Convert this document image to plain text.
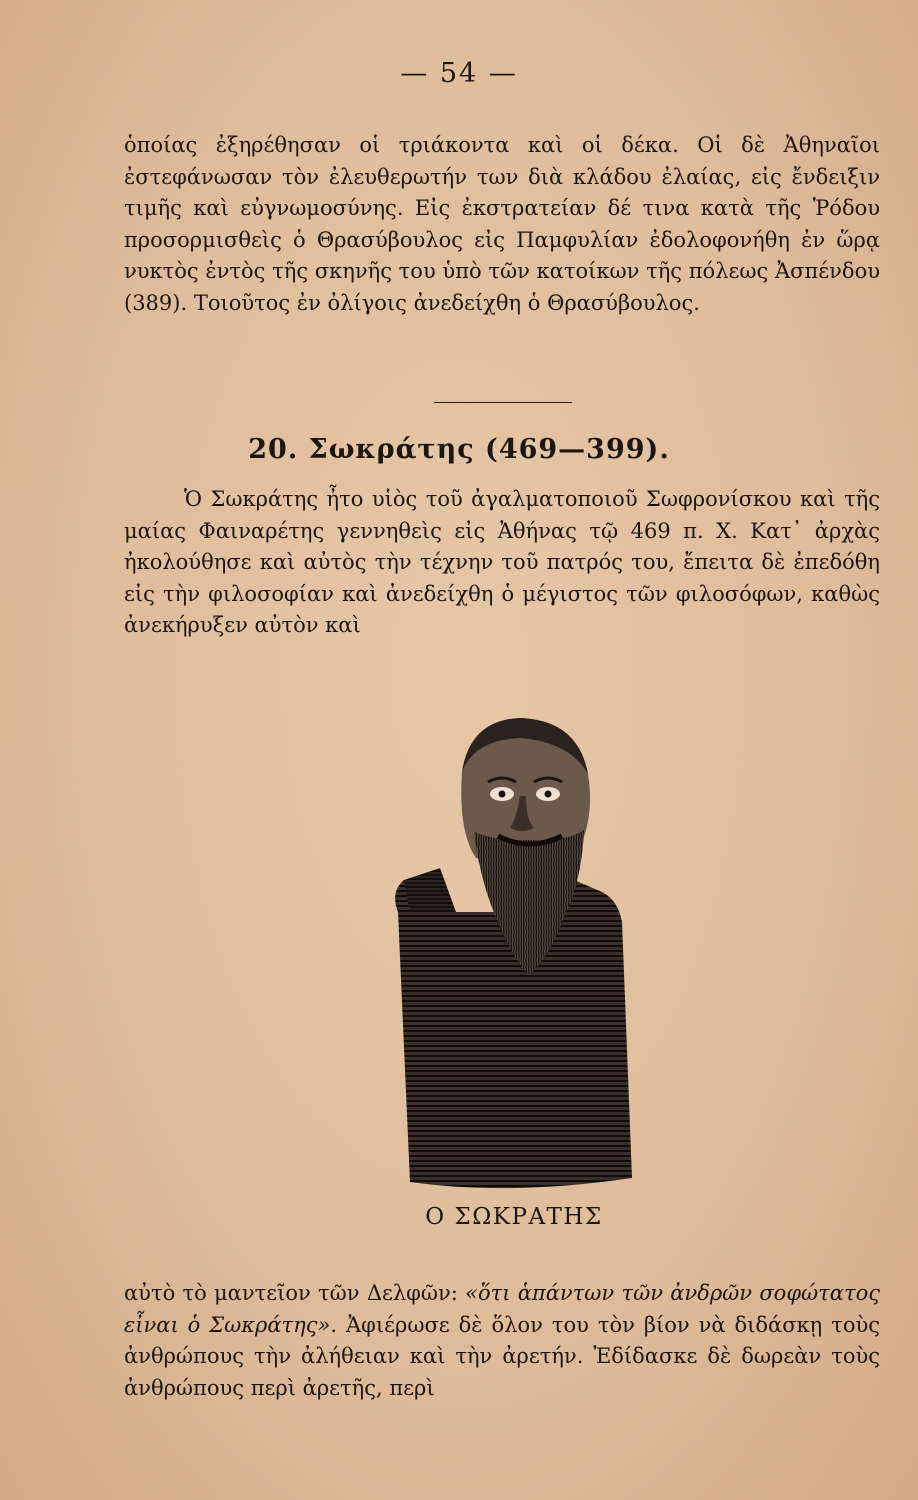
— 54 —
ὁποίας ἐξηρέθησαν οἱ τριάκοντα καὶ οἱ δέκα. Οἱ δὲ Ἀθηναῖοι ἐστεφάνωσαν τὸν ἐλευθερωτήν των διὰ κλάδου ἐλαίας, εἰς ἔνδειξιν τιμῆς καὶ εὐγνωμοσύνης. Εἰς ἐκστρατείαν δέ τινα κατὰ τῆς Ῥόδου προσορμισθεὶς ὁ Θρασύβουλος εἰς Παμφυλίαν ἐδολοφονήθη ἐν ὥρᾳ νυκτὸς ἐντὸς τῆς σκηνῆς του ὑπὸ τῶν κατοίκων τῆς πόλεως Ἀσπένδου (389). Τοιοῦτος ἐν ὀλίγοις ἀνεδείχθη ὁ Θρασύβουλος.
20. Σωκράτης (469—399).
Ὁ Σωκράτης ἦτο υἱὸς τοῦ ἀγαλματοποιοῦ Σωφρονίσκου καὶ τῆς μαίας Φαιναρέτης γεννηθεὶς εἰς Ἀθήνας τῷ 469 π. Χ. Κατ᾽ ἀρχὰς ἠκολούθησε καὶ αὐτὸς τὴν τέχνην τοῦ πατρός του, ἔπειτα δὲ ἐπεδόθη εἰς τὴν φιλοσοφίαν καὶ ἀνεδείχθη ὁ μέγιστος τῶν φιλοσόφων, καθὼς ἀνεκήρυξεν αὐτὸν καὶ
Ο ΣΩΚΡΑΤΗΣ
αὐτὸ τὸ μαντεῖον τῶν Δελφῶν: «ὅτι ἁπάντων τῶν ἀνδρῶν σοφώτατος εἶναι ὁ Σωκράτης». Ἀφιέρωσε δὲ ὅλον του τὸν βίον νὰ διδάσκῃ τοὺς ἀνθρώπους τὴν ἀλήθειαν καὶ τὴν ἀρετήν. Ἐδίδασκε δὲ δωρεὰν τοὺς ἀνθρώπους περὶ ἀρετῆς, περὶ
